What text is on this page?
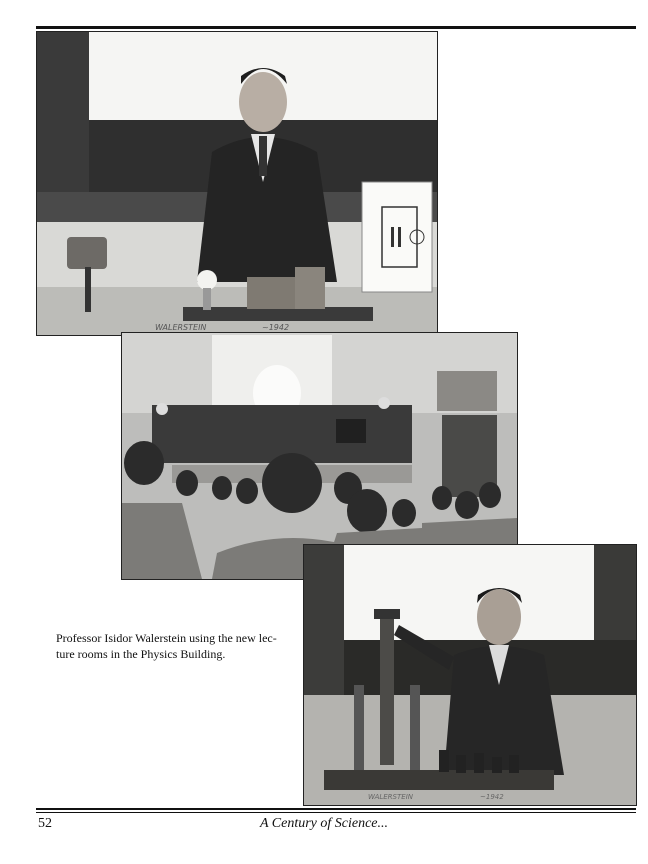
WALERSTEIN	~1942
WALERSTEIN	~1942
Professor Isidor Walerstein using the new lec-
ture rooms in the Physics Building.
52	A Century of Science...
